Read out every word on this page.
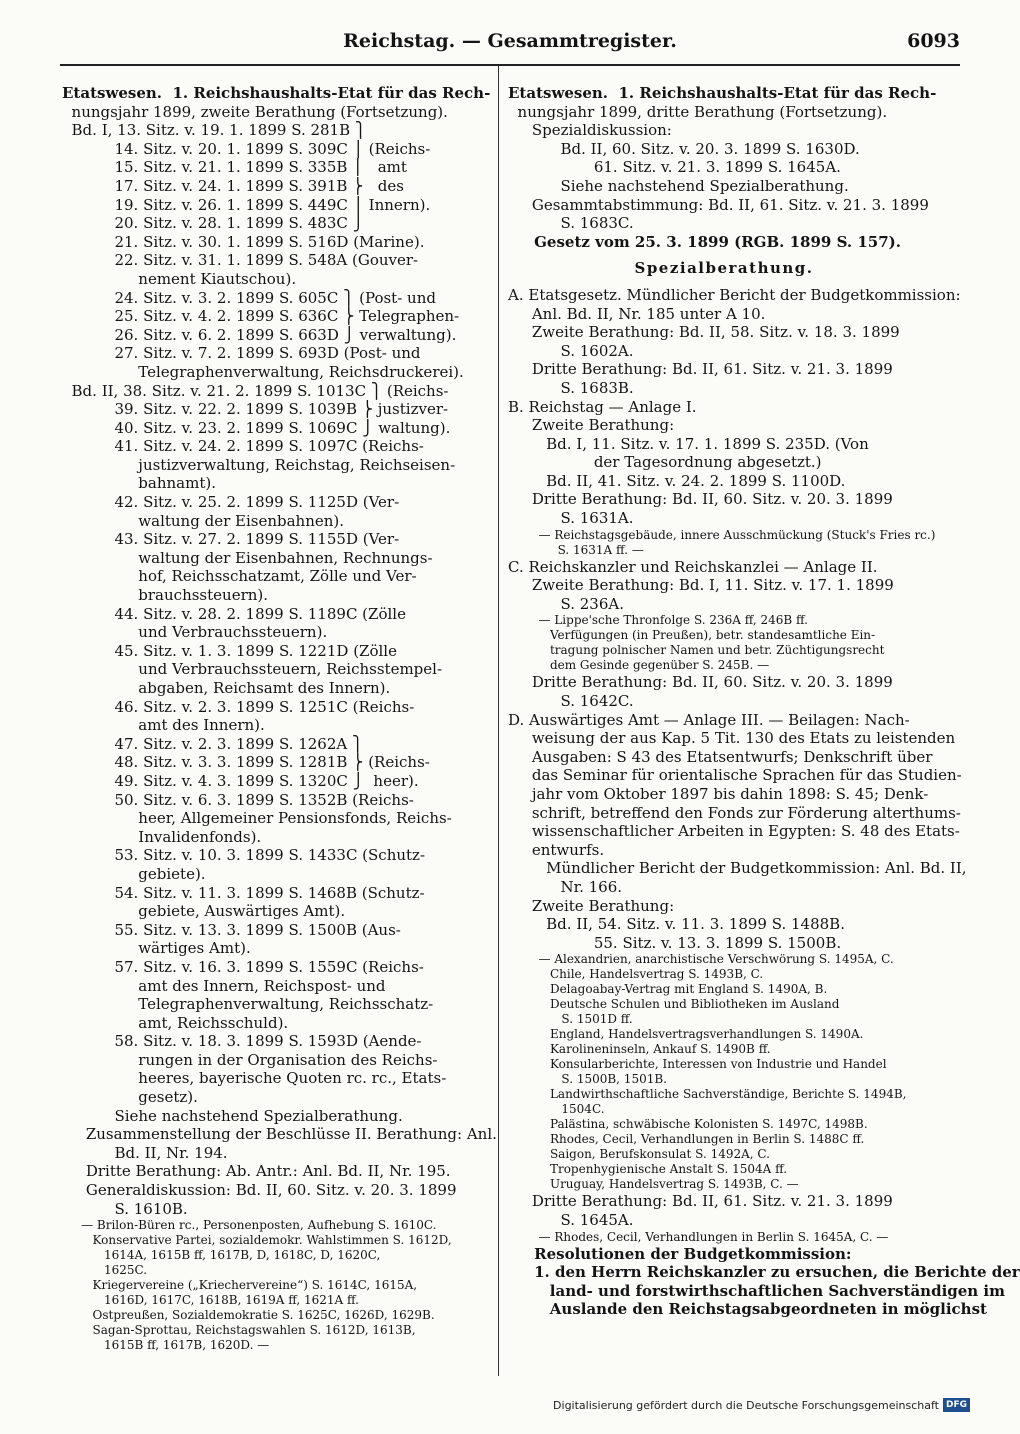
Reichstag. — Gesammtregister.	6093
Etatswesen.  1. Reichshaushalts-Etat für das Rech-
nungsjahr 1899, zweite Berathung (Fortsetzung).
Bd. I, 13. Sitz. v. 19. 1. 1899 S. 281B ⎫
14. Sitz. v. 20. 1. 1899 S. 309C ⎪ (Reichs-
15. Sitz. v. 21. 1. 1899 S. 335B ⎪   amt
17. Sitz. v. 24. 1. 1899 S. 391B ⎬   des
19. Sitz. v. 26. 1. 1899 S. 449C ⎪ Innern).
20. Sitz. v. 28. 1. 1899 S. 483C ⎭
21. Sitz. v. 30. 1. 1899 S. 516D (Marine).
22. Sitz. v. 31. 1. 1899 S. 548A (Gouver-
nement Kiautschou).
24. Sitz. v. 3. 2. 1899 S. 605C ⎫ (Post- und
25. Sitz. v. 4. 2. 1899 S. 636C ⎬ Telegraphen-
26. Sitz. v. 6. 2. 1899 S. 663D ⎭ verwaltung).
27. Sitz. v. 7. 2. 1899 S. 693D (Post- und
Telegraphenverwaltung, Reichsdruckerei).
Bd. II, 38. Sitz. v. 21. 2. 1899 S. 1013C ⎫ (Reichs-
39. Sitz. v. 22. 2. 1899 S. 1039B ⎬ justizver-
40. Sitz. v. 23. 2. 1899 S. 1069C ⎭ waltung).
41. Sitz. v. 24. 2. 1899 S. 1097C (Reichs-
justizverwaltung, Reichstag, Reichseisen-
bahnamt).
42. Sitz. v. 25. 2. 1899 S. 1125D (Ver-
waltung der Eisenbahnen).
43. Sitz. v. 27. 2. 1899 S. 1155D (Ver-
waltung der Eisenbahnen, Rechnungs-
hof, Reichsschatzamt, Zölle und Ver-
brauchssteuern).
44. Sitz. v. 28. 2. 1899 S. 1189C (Zölle
und Verbrauchssteuern).
45. Sitz. v. 1. 3. 1899 S. 1221D (Zölle
und Verbrauchssteuern, Reichsstempel-
abgaben, Reichsamt des Innern).
46. Sitz. v. 2. 3. 1899 S. 1251C (Reichs-
amt des Innern).
47. Sitz. v. 2. 3. 1899 S. 1262A ⎫
48. Sitz. v. 3. 3. 1899 S. 1281B ⎬ (Reichs-
49. Sitz. v. 4. 3. 1899 S. 1320C ⎭  heer).
50. Sitz. v. 6. 3. 1899 S. 1352B (Reichs-
heer, Allgemeiner Pensionsfonds, Reichs-
Invalidenfonds).
53. Sitz. v. 10. 3. 1899 S. 1433C (Schutz-
gebiete).
54. Sitz. v. 11. 3. 1899 S. 1468B (Schutz-
gebiete, Auswärtiges Amt).
55. Sitz. v. 13. 3. 1899 S. 1500B (Aus-
wärtiges Amt).
57. Sitz. v. 16. 3. 1899 S. 1559C (Reichs-
amt des Innern, Reichspost- und
Telegraphenverwaltung, Reichsschatz-
amt, Reichsschuld).
58. Sitz. v. 18. 3. 1899 S. 1593D (Aende-
rungen in der Organisation des Reichs-
heeres, bayerische Quoten rc. rc., Etats-
gesetz).
Siehe nachstehend Spezialberathung.
Zusammenstellung der Beschlüsse II. Berathung: Anl.
Bd. II, Nr. 194.
Dritte Berathung: Ab. Antr.: Anl. Bd. II, Nr. 195.
Generaldiskussion: Bd. II, 60. Sitz. v. 20. 3. 1899
S. 1610B.
— Brilon-Büren rc., Personenposten, Aufhebung S. 1610C.
Konservative Partei, sozialdemokr. Wahlstimmen S. 1612D,
1614A, 1615B ff, 1617B, D, 1618C, D, 1620C,
1625C.
Kriegervereine („Kriechervereine“) S. 1614C, 1615A,
1616D, 1617C, 1618B, 1619A ff, 1621A ff.
Ostpreußen, Sozialdemokratie S. 1625C, 1626D, 1629B.
Sagan-Sprottau, Reichstagswahlen S. 1612D, 1613B,
1615B ff, 1617B, 1620D. —
Etatswesen.  1. Reichshaushalts-Etat für das Rech-
nungsjahr 1899, dritte Berathung (Fortsetzung).
Spezialdiskussion:
Bd. II, 60. Sitz. v. 20. 3. 1899 S. 1630D.
61. Sitz. v. 21. 3. 1899 S. 1645A.
Siehe nachstehend Spezialberathung.
Gesammtabstimmung: Bd. II, 61. Sitz. v. 21. 3. 1899
S. 1683C.
Gesetz vom 25. 3. 1899 (RGB. 1899 S. 157).
Spezialberathung.
A. Etatsgesetz. Mündlicher Bericht der Budgetkommission:
Anl. Bd. II, Nr. 185 unter A 10.
Zweite Berathung: Bd. II, 58. Sitz. v. 18. 3. 1899
S. 1602A.
Dritte Berathung: Bd. II, 61. Sitz. v. 21. 3. 1899
S. 1683B.
B. Reichstag — Anlage I.
Zweite Berathung:
Bd. I, 11. Sitz. v. 17. 1. 1899 S. 235D. (Von
der Tagesordnung abgesetzt.)
Bd. II, 41. Sitz. v. 24. 2. 1899 S. 1100D.
Dritte Berathung: Bd. II, 60. Sitz. v. 20. 3. 1899
S. 1631A.
— Reichstagsgebäude, innere Ausschmückung (Stuck's Fries rc.)
S. 1631A ff. —
C. Reichskanzler und Reichskanzlei — Anlage II.
Zweite Berathung: Bd. I, 11. Sitz. v. 17. 1. 1899
S. 236A.
— Lippe'sche Thronfolge S. 236A ff, 246B ff.
Verfügungen (in Preußen), betr. standesamtliche Ein-
tragung polnischer Namen und betr. Züchtigungsrecht
dem Gesinde gegenüber S. 245B. —
Dritte Berathung: Bd. II, 60. Sitz. v. 20. 3. 1899
S. 1642C.
D. Auswärtiges Amt — Anlage III. — Beilagen: Nach-
weisung der aus Kap. 5 Tit. 130 des Etats zu leistenden
Ausgaben: S 43 des Etatsentwurfs; Denkschrift über
das Seminar für orientalische Sprachen für das Studien-
jahr vom Oktober 1897 bis dahin 1898: S. 45; Denk-
schrift, betreffend den Fonds zur Förderung alterthums-
wissenschaftlicher Arbeiten in Egypten: S. 48 des Etats-
entwurfs.
Mündlicher Bericht der Budgetkommission: Anl. Bd. II,
Nr. 166.
Zweite Berathung:
Bd. II, 54. Sitz. v. 11. 3. 1899 S. 1488B.
55. Sitz. v. 13. 3. 1899 S. 1500B.
— Alexandrien, anarchistische Verschwörung S. 1495A, C.
Chile, Handelsvertrag S. 1493B, C.
Delagoabay-Vertrag mit England S. 1490A, B.
Deutsche Schulen und Bibliotheken im Ausland
S. 1501D ff.
England, Handelsvertragsverhandlungen S. 1490A.
Karolineninseln, Ankauf S. 1490B ff.
Konsularberichte, Interessen von Industrie und Handel
S. 1500B, 1501B.
Landwirthschaftliche Sachverständige, Berichte S. 1494B,
1504C.
Palästina, schwäbische Kolonisten S. 1497C, 1498B.
Rhodes, Cecil, Verhandlungen in Berlin S. 1488C ff.
Saigon, Berufskonsulat S. 1492A, C.
Tropenhygienische Anstalt S. 1504A ff.
Uruguay, Handelsvertrag S. 1493B, C. —
Dritte Berathung: Bd. II, 61. Sitz. v. 21. 3. 1899
S. 1645A.
— Rhodes, Cecil, Verhandlungen in Berlin S. 1645A, C. —
Resolutionen der Budgetkommission:
1. den Herrn Reichskanzler zu ersuchen, die Berichte der
land- und forstwirthschaftlichen Sachverständigen im
Auslande den Reichstagsabgeordneten in möglichst
Digitalisierung gefördert durch die Deutsche Forschungsgemeinschaft DFG
